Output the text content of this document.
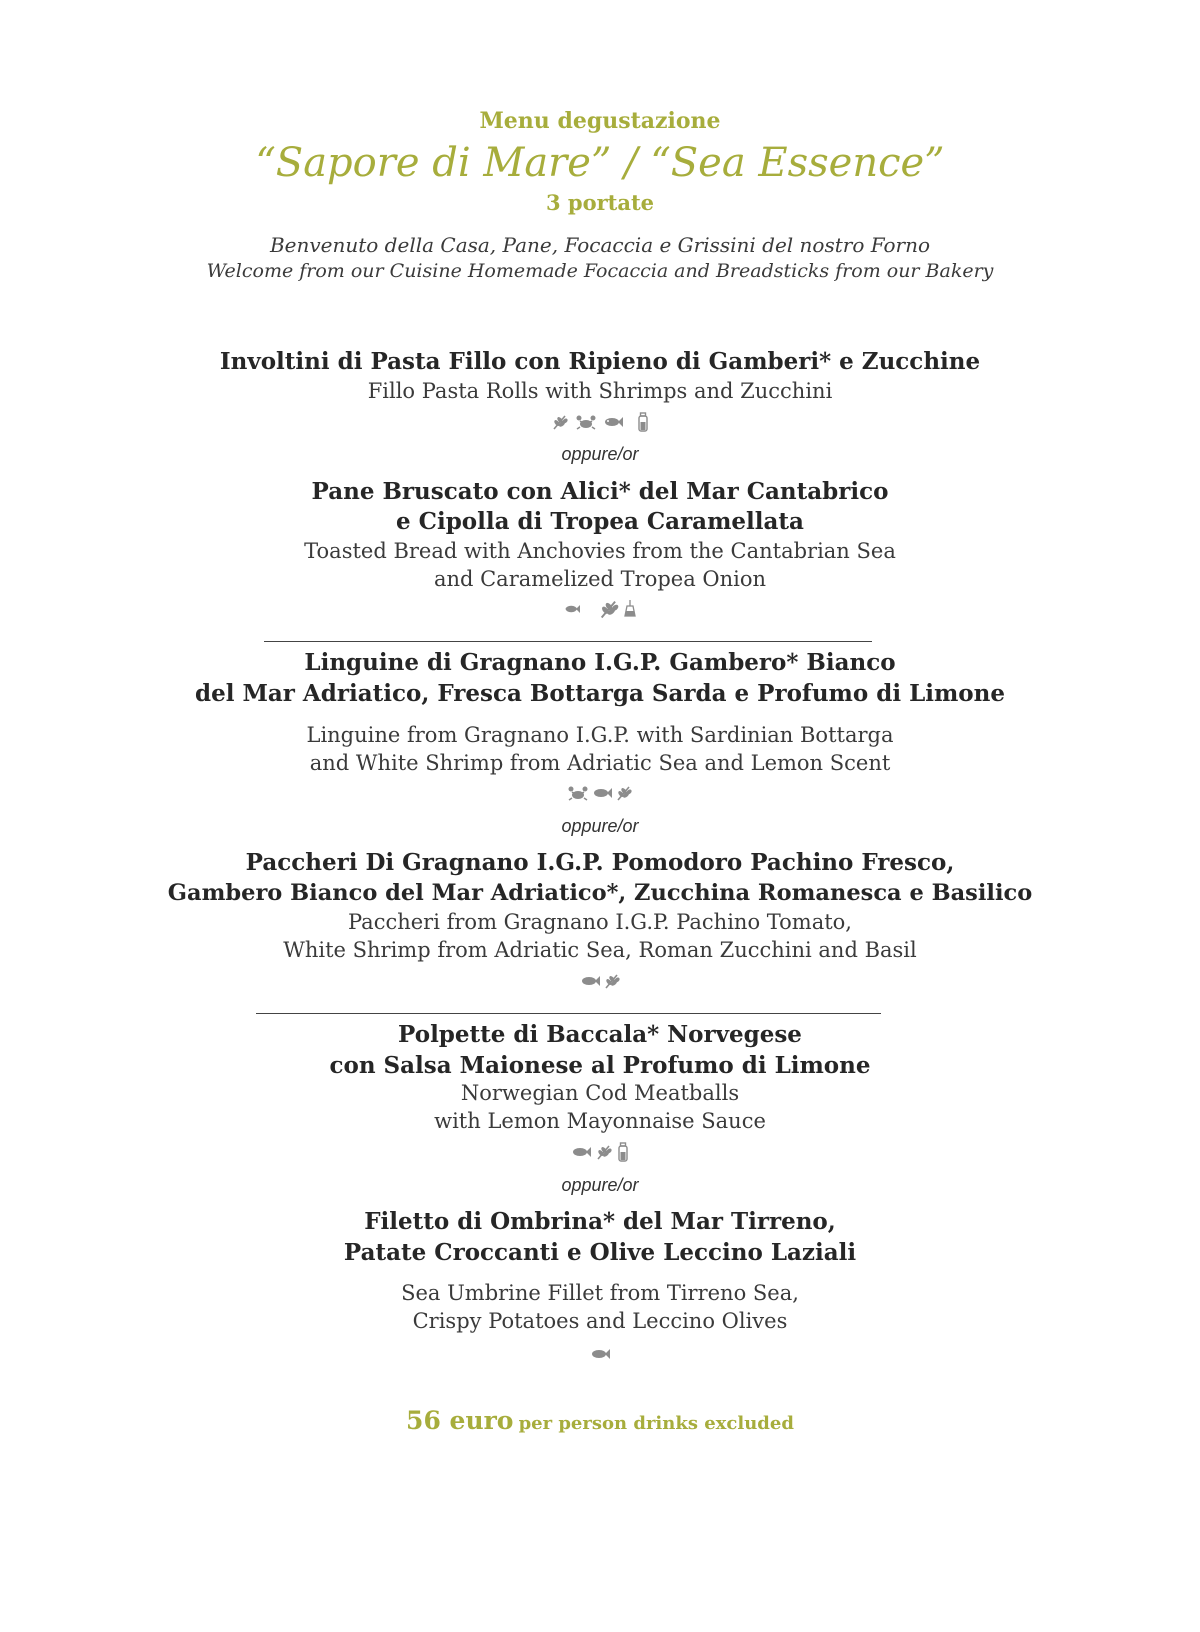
Menu degustazione
“Sapore di Mare” / “Sea Essence”
3 portate
Benvenuto della Casa, Pane, Focaccia e Grissini del nostro Forno
Welcome from our Cuisine Homemade Focaccia and Breadsticks from our Bakery
Involtini di Pasta Fillo con Ripieno di Gamberi* e Zucchine
Fillo Pasta Rolls with Shrimps and Zucchini
oppure/or
Pane Bruscato con Alici* del Mar Cantabrico
e Cipolla di Tropea Caramellata
Toasted Bread with Anchovies from the Cantabrian Sea
and Caramelized Tropea Onion
Linguine di Gragnano I.G.P. Gambero* Bianco
del Mar Adriatico, Fresca Bottarga Sarda e Profumo di Limone
Linguine from Gragnano I.G.P. with Sardinian Bottarga
and White Shrimp from Adriatic Sea and Lemon Scent
oppure/or
Paccheri Di Gragnano I.G.P. Pomodoro Pachino Fresco,
Gambero Bianco del Mar Adriatico*, Zucchina Romanesca e Basilico
Paccheri from Gragnano I.G.P. Pachino Tomato,
White Shrimp from Adriatic Sea, Roman Zucchini and Basil
Polpette di Baccala* Norvegese
con Salsa Maionese al Profumo di Limone
Norwegian Cod Meatballs
with Lemon Mayonnaise Sauce
oppure/or
Filetto di Ombrina* del Mar Tirreno,
Patate Croccanti e Olive Leccino Laziali
Sea Umbrine Fillet from Tirreno Sea,
Crispy Potatoes and Leccino Olives
56 euro per person drinks excluded
